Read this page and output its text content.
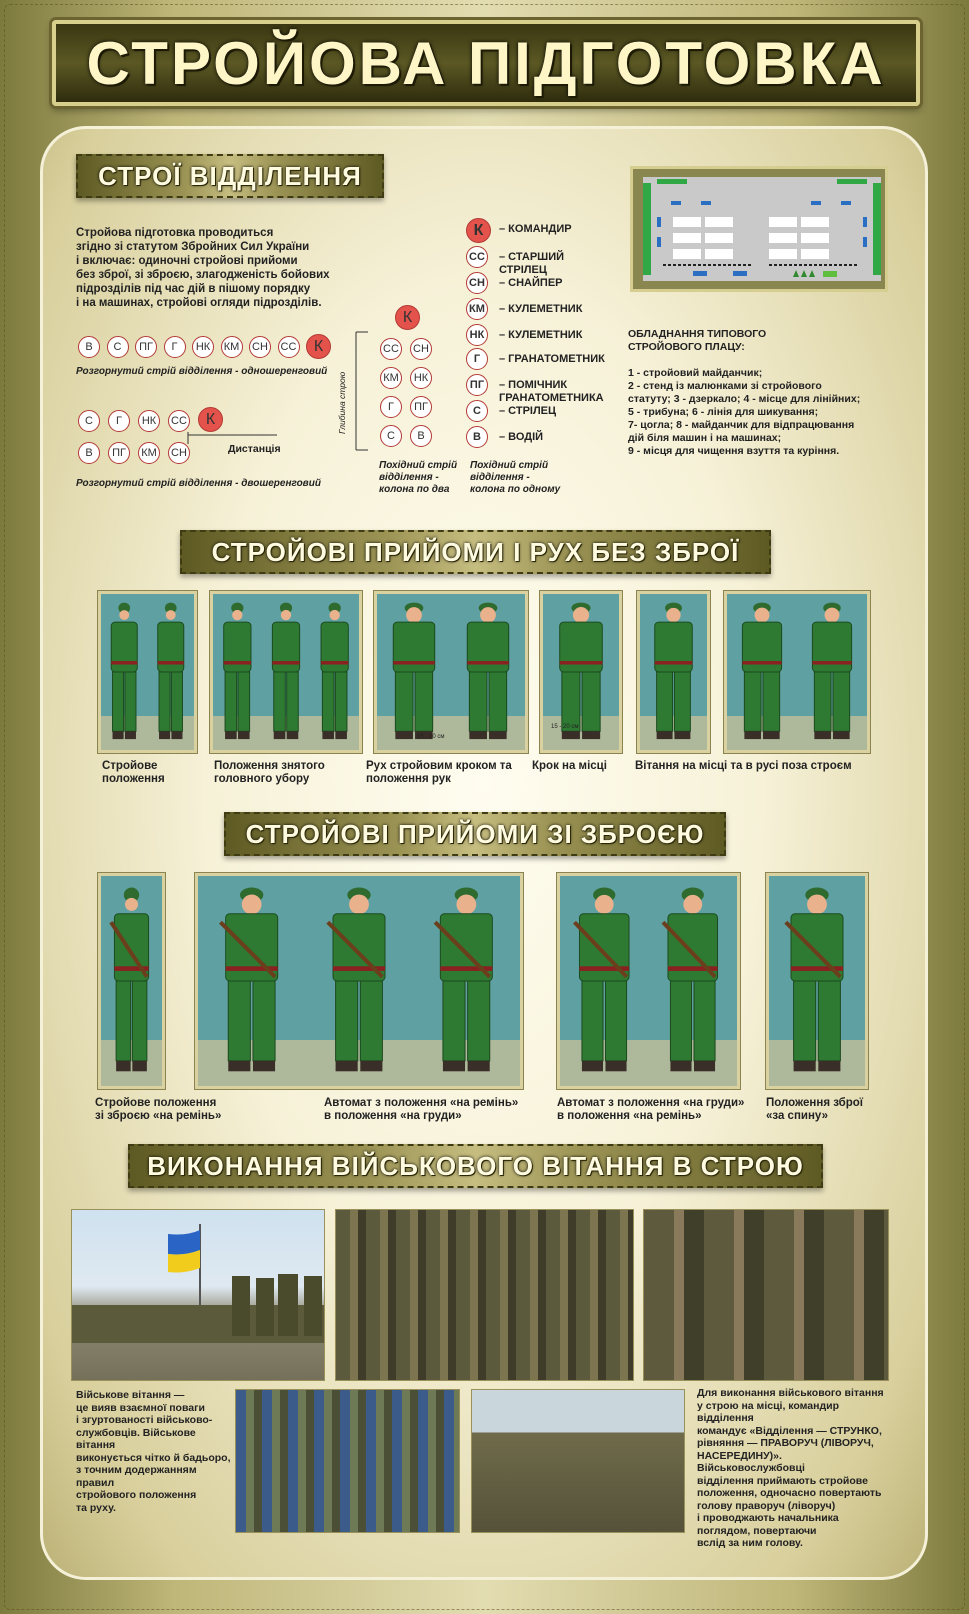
СТРОЙОВА ПІДГОТОВКА
СТРОЇ ВІДДІЛЕННЯ
Стройова підготовка проводиться
згідно зі статутом Збройних Сил України
і включає: одиночні стройові прийоми
без зброї, зі зброєю, злагодженість бойових
підрозділів під час дій в пішому порядку
і на машинах, стройові огляди підрозділів.
В	С	ПГ	Г	НК	КМ СН СС	К
Розгорнутий стрій відділення - одношеренговий
С	Г	НК	СС	К
В	ПГ	КМ СН	Дистанція
Розгорнутий стрій відділення - двошеренговий
Глибина строю
К
СС СН
КМ	НК
Г	ПГ
С	В
Похідний стрій
відділення -
колона по два
К	– КОМАНДИР
СС – СТАРШИЙ
СТРІЛЕЦ
СН – СНАЙПЕР
КМ – КУЛЕМЕТНИК
НК	– КУЛЕМЕТНИК
Г	– ГРАНАТОМЕТНИК
ПГ	– ПОМІЧНИК
ГРАНАТОМЕТНИКА
С	– СТРІЛЕЦ
В	– ВОДІЙ
Похідний стрій
відділення -
колона по одному
ОБЛАДНАННЯ ТИПОВОГО
СТРОЙОВОГО ПЛАЦУ:
1 - стройовий майданчик;
2 - стенд із малюнками зі стройового
статуту; 3 - дзеркало; 4 - місце для лінійних;
5 - трибуна; 6 - лінія для шикування;
7- цогла; 8 - майданчик для відпрацювання
дій біля машин і на машинах;
9 - місця для чищення взуття та куріння.
СТРОЙОВІ ПРИЙОМИ І РУХ БЕЗ ЗБРОЇ
15 - 20 см
15 - 20 см
Стройове
положення
Положення знятого
головного убору
Рух стройовим кроком та
положення рук
Крок на місці Вітання на місці та в русі поза строєм
СТРОЙОВІ ПРИЙОМИ ЗІ ЗБРОЄЮ
Стройове положення
зі зброєю «на ремінь»
Автомат з положення «на ремінь»
в положення «на груди»
Автомат з положення «на груди»
в положення «на ремінь»
Положення зброї
«за спину»
ВИКОНАННЯ ВІЙСЬКОВОГО ВІТАННЯ В СТРОЮ
Військове вітання —
це вияв взаємної поваги
і згуртованості військово-
службовців. Військове вітання
виконується чітко й бадьоро,
з точним додержанням правил
стройового положення
та руху.
Для виконання військового вітання
у строю на місці, командир відділення
командує «Відділення — СТРУНКО,
рівняння — ПРАВОРУЧ (ЛІВОРУЧ,
НАСЕРЕДИНУ)». Військовослужбовці
відділення приймають стройове
положення, одночасно повертають
голову праворуч (ліворуч)
і проводжають начальника
поглядом, повертаючи
вслід за ним голову.
